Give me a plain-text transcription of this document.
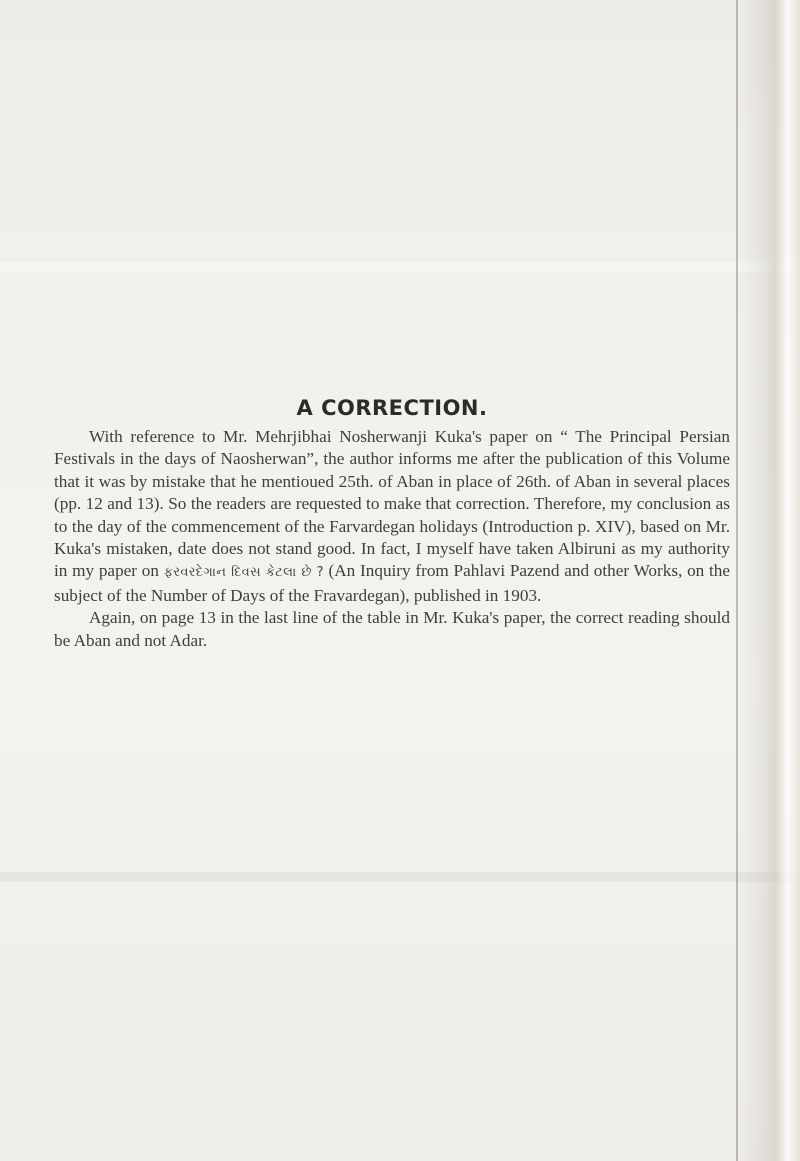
A CORRECTION.

With reference to Mr. Mehrjibhai Nosherwanji Kuka's paper on “ The Principal Persian Festivals in the days of Naosherwan”, the author informs me after the publication of this Volume that it was by mistake that he mentioued 25th. of Aban in place of 26th. of Aban in several places (pp. 12 and 13). So the readers are requested to make that correction. Therefore, my conclusion as to the day of the commencement of the Farvardegan holidays (Introduction p. XIV), based on Mr. Kuka's mistaken, date does not stand good. In fact, I myself have taken Albiruni as my authority in my paper on ફરવરદેગાન દિવસ કેટલા છે ? (An Inquiry from Pahlavi Pazend and other Works, on the subject of the Number of Days of the Fravardegan), published in 1903.

Again, on page 13 in the last line of the table in Mr. Kuka's paper, the correct reading should be Aban and not Adar.
